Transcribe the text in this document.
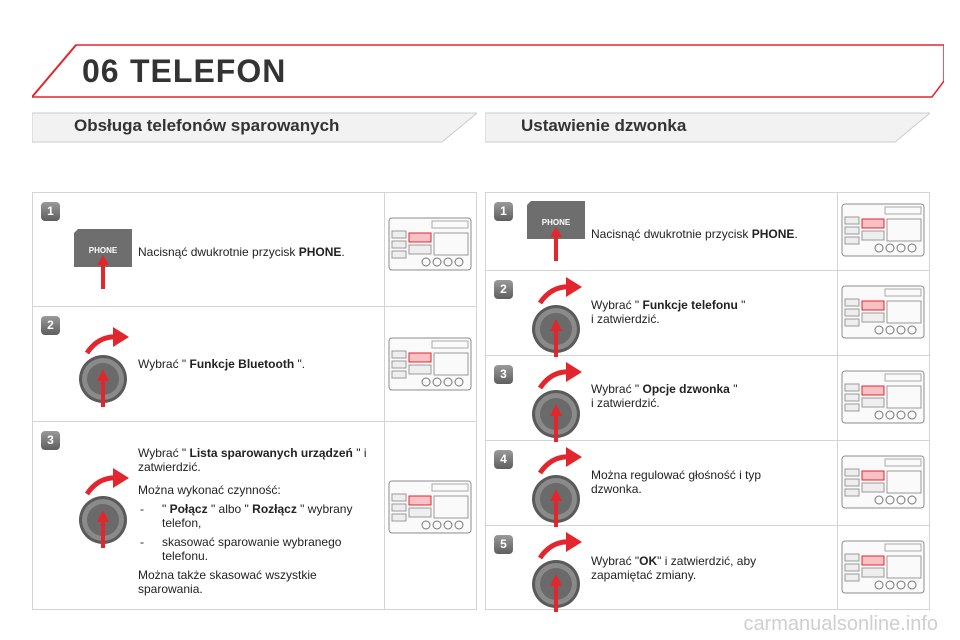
06 TELEFON
Obsługa telefonów sparowanych	Ustawienie dzwonka
1
PHONE Nacisnąć dwukrotnie przycisk PHONE.
2
Wybrać " Funkcje Bluetooth ".
3
Wybrać " Lista sparowanych urządzeń " i zatwierdzić.
Można wykonać czynność:
- " Połącz " albo " Rozłącz " wybrany telefon,
- skasować sparowanie wybranego telefonu.
Można także skasować wszystkie sparowania.
1
PHONE
Nacisnąć dwukrotnie przycisk PHONE.
2
Wybrać " Funkcje telefonu "
i zatwierdzić.
3
Wybrać " Opcje dzwonka "
i zatwierdzić.
4
Można regulować głośność i typ dzwonka.
5
Wybrać "OK" i zatwierdzić, aby zapamiętać zmiany.
carmanualsonline.info
